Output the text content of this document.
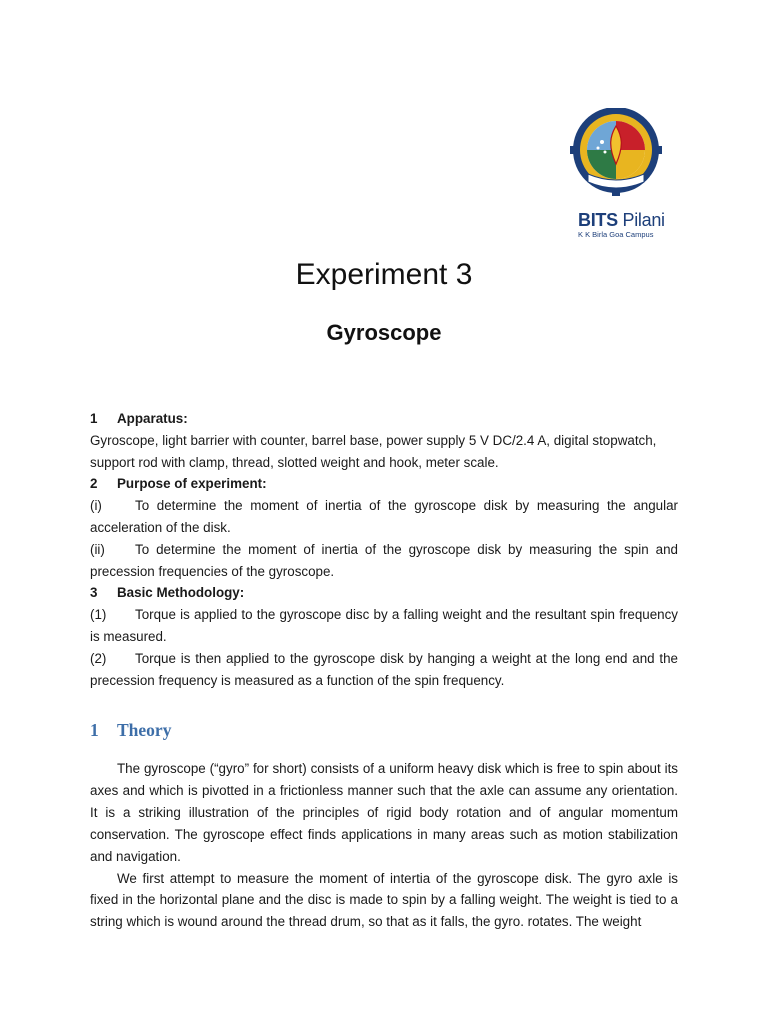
BITS Pilani
K K Birla Goa Campus
Experiment 3
Gyroscope
1 Apparatus:
Gyroscope, light barrier with counter, barrel base, power supply 5 V DC/2.4 A, digital stopwatch, support rod with clamp, thread, slotted weight and hook, meter scale.
2 Purpose of experiment:
(i) To determine the moment of inertia of the gyroscope disk by measuring the angular acceleration of the disk.
(ii) To determine the moment of inertia of the gyroscope disk by measuring the spin and precession frequencies of the gyroscope.
3 Basic Methodology:
(1) Torque is applied to the gyroscope disc by a falling weight and the resultant spin frequency is measured.
(2) Torque is then applied to the gyroscope disk by hanging a weight at the long end and the precession frequency is measured as a function of the spin frequency.
1 Theory

The gyroscope (“gyro” for short) consists of a uniform heavy disk which is free to spin about its axes and which is pivotted in a frictionless manner such that the axle can assume any orientation. It is a striking illustration of the principles of rigid body rotation and of angular momentum conservation. The gyroscope effect finds applications in many areas such as motion stabilization and navigation.

We first attempt to measure the moment of intertia of the gyroscope disk. The gyro axle is fixed in the horizontal plane and the disc is made to spin by a falling weight. The weight is tied to a string which is wound around the thread drum, so that as it falls, the gyro. rotates. The weight
